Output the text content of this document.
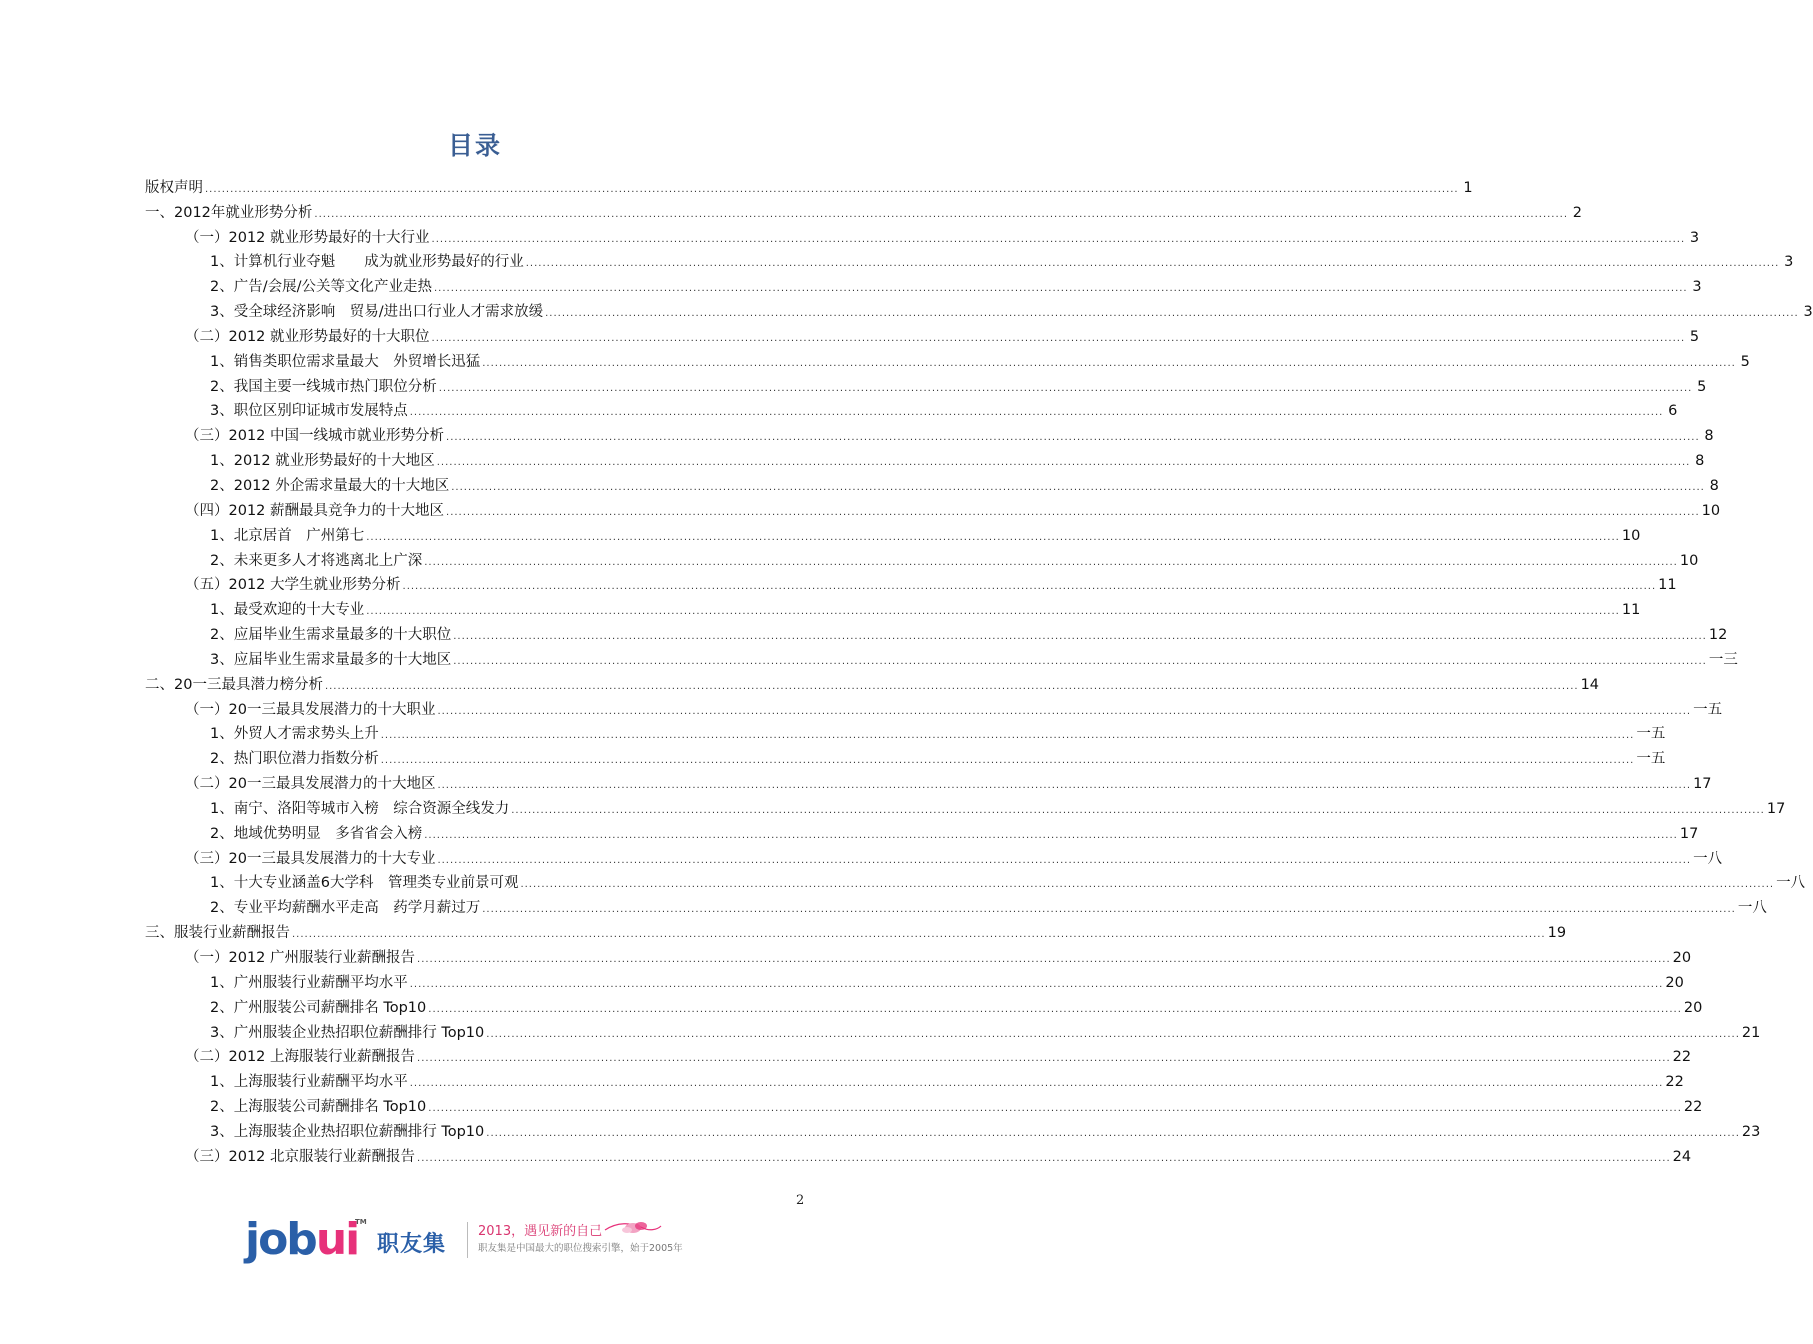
目录
版权声明 ............................................................................................................................................................................................................................................................................................................ 1
一、2012年就业形势分析 ............................................................................................................................................................................................................................................................................................................ 2
（一）2012 就业形势最好的十大行业 ............................................................................................................................................................................................................................................................................................................ 3
1、计算机行业夺魁　　成为就业形势最好的行业 ............................................................................................................................................................................................................................................................................................................ 3
2、广告/会展/公关等文化产业走热 ............................................................................................................................................................................................................................................................................................................ 3
3、受全球经济影响　贸易/进出口行业人才需求放缓 ............................................................................................................................................................................................................................................................................................................ 3
（二）2012 就业形势最好的十大职位 ............................................................................................................................................................................................................................................................................................................ 5
1、销售类职位需求量最大　外贸增长迅猛 ............................................................................................................................................................................................................................................................................................................ 5
2、我国主要一线城市热门职位分析 ............................................................................................................................................................................................................................................................................................................ 5
3、职位区别印证城市发展特点 ............................................................................................................................................................................................................................................................................................................ 6
（三）2012 中国一线城市就业形势分析 ............................................................................................................................................................................................................................................................................................................ 8
1、2012 就业形势最好的十大地区 ............................................................................................................................................................................................................................................................................................................ 8
2、2012 外企需求量最大的十大地区 ............................................................................................................................................................................................................................................................................................................ 8
（四）2012 薪酬最具竞争力的十大地区 ............................................................................................................................................................................................................................................................................................................ 10
1、北京居首　广州第七 ............................................................................................................................................................................................................................................................................................................ 10
2、未来更多人才将逃离北上广深 ............................................................................................................................................................................................................................................................................................................ 10
（五）2012 大学生就业形势分析 ............................................................................................................................................................................................................................................................................................................ 11
1、最受欢迎的十大专业 ............................................................................................................................................................................................................................................................................................................ 11
2、应届毕业生需求量最多的十大职位 ............................................................................................................................................................................................................................................................................................................ 12
3、应届毕业生需求量最多的十大地区 ............................................................................................................................................................................................................................................................................................................ 一三
二、20一三最具潜力榜分析 ............................................................................................................................................................................................................................................................................................................ 14
（一）20一三最具发展潜力的十大职业 ............................................................................................................................................................................................................................................................................................................ 一五
1、外贸人才需求势头上升 ............................................................................................................................................................................................................................................................................................................ 一五
2、热门职位潜力指数分析 ............................................................................................................................................................................................................................................................................................................ 一五
（二）20一三最具发展潜力的十大地区 ............................................................................................................................................................................................................................................................................................................ 17
1、南宁、洛阳等城市入榜　综合资源全线发力 ............................................................................................................................................................................................................................................................................................................ 17
2、地域优势明显　多省省会入榜 ............................................................................................................................................................................................................................................................................................................ 17
（三）20一三最具发展潜力的十大专业 ............................................................................................................................................................................................................................................................................................................ 一八
1、十大专业涵盖6大学科　管理类专业前景可观 ............................................................................................................................................................................................................................................................................................................ 一八
2、专业平均薪酬水平走高　药学月薪过万 ............................................................................................................................................................................................................................................................................................................ 一八
三、服装行业薪酬报告 ............................................................................................................................................................................................................................................................................................................ 19
（一）2012 广州服装行业薪酬报告 ............................................................................................................................................................................................................................................................................................................ 20
1、广州服装行业薪酬平均水平 ............................................................................................................................................................................................................................................................................................................ 20
2、广州服装公司薪酬排名 Top10 ............................................................................................................................................................................................................................................................................................................ 20
3、广州服装企业热招职位薪酬排行 Top10 ............................................................................................................................................................................................................................................................................................................ 21
（二）2012 上海服装行业薪酬报告 ............................................................................................................................................................................................................................................................................................................ 22
1、上海服装行业薪酬平均水平 ............................................................................................................................................................................................................................................................................................................ 22
2、上海服装公司薪酬排名 Top10 ............................................................................................................................................................................................................................................................................................................ 22
3、上海服装企业热招职位薪酬排行 Top10 ............................................................................................................................................................................................................................................................................................................ 23
（三）2012 北京服装行业薪酬报告 ............................................................................................................................................................................................................................................................................................................ 24
2
jobui
TM
职友集
2013，遇见新的自己
职友集是中国最大的职位搜索引擎，始于2005年
